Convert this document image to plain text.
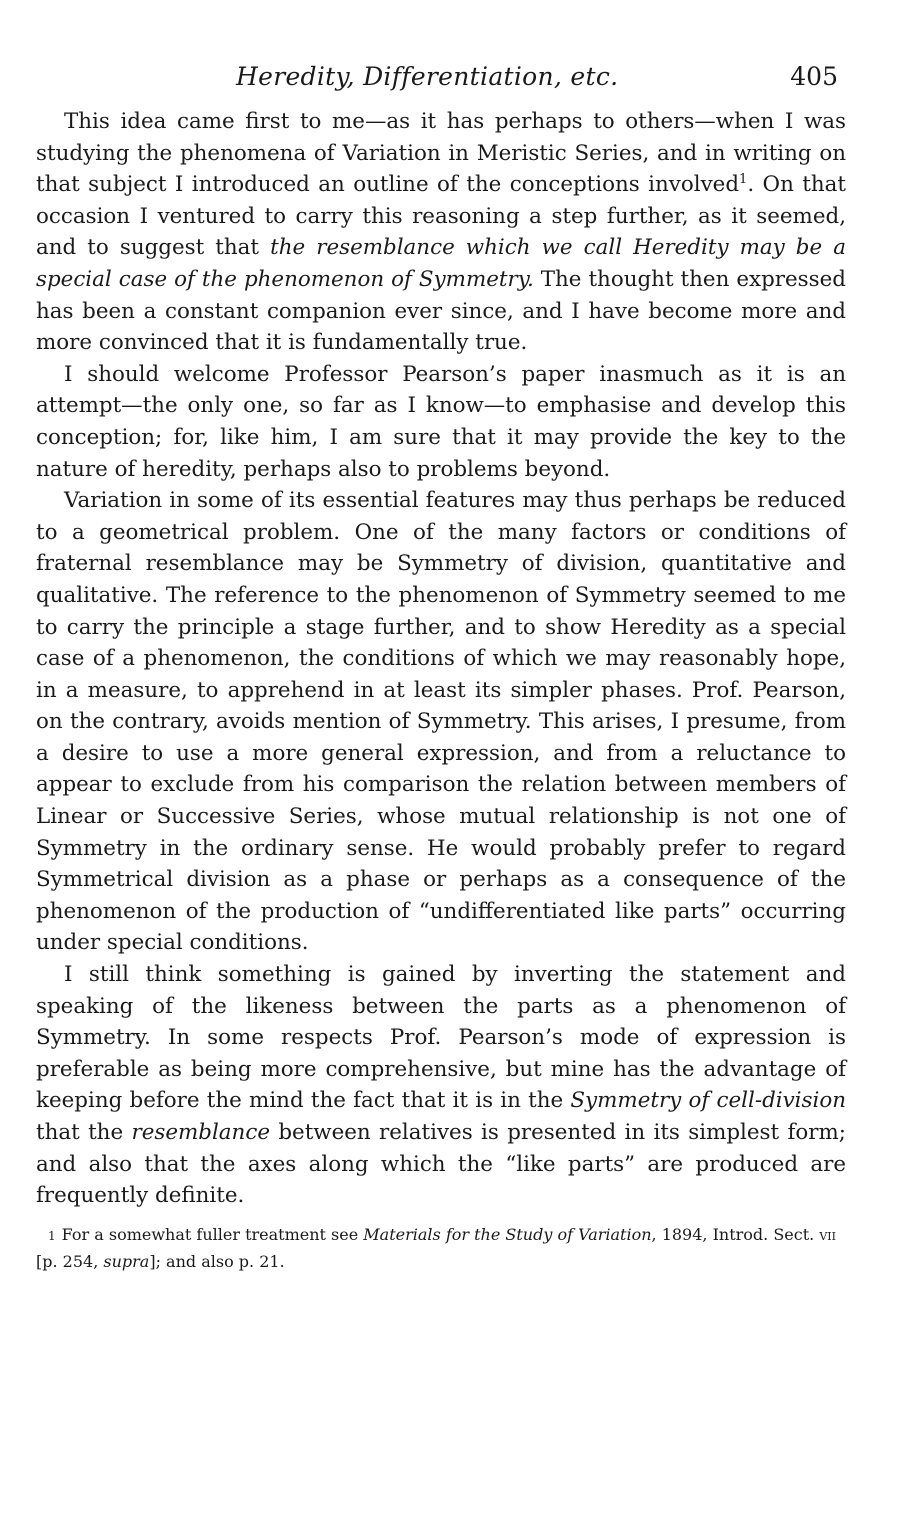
Heredity, Differentiation, etc.	405

This idea came first to me—as it has perhaps to others—when I was studying the phenomena of Variation in Meristic Series, and in writing on that subject I introduced an outline of the conceptions involved$^1$. On that occasion I ventured to carry this reasoning a step further, as it seemed, and to suggest that the resemblance which we call Heredity may be a special case of the phenomenon of Symmetry. The thought then expressed has been a constant companion ever since, and I have become more and more convinced that it is fundamentally true.

I should welcome Professor Pearson’s paper inasmuch as it is an attempt—the only one, so far as I know—to emphasise and develop this conception; for, like him, I am sure that it may provide the key to the nature of heredity, perhaps also to problems beyond.

Variation in some of its essential features may thus perhaps be reduced to a geometrical problem. One of the many factors or conditions of fraternal resemblance may be Symmetry of division, quantitative and qualitative. The reference to the phenomenon of Symmetry seemed to me to carry the principle a stage further, and to show Heredity as a special case of a phenomenon, the conditions of which we may reasonably hope, in a measure, to apprehend in at least its simpler phases. Prof. Pearson, on the contrary, avoids mention of Symmetry. This arises, I presume, from a desire to use a more general expression, and from a reluctance to appear to exclude from his comparison the relation between members of Linear or Successive Series, whose mutual relationship is not one of Symmetry in the ordinary sense. He would probably prefer to regard Symmetrical division as a phase or perhaps as a consequence of the phenomenon of the production of “undifferentiated like parts” occurring under special conditions.

I still think something is gained by inverting the statement and speaking of the likeness between the parts as a phenomenon of Symmetry. In some respects Prof. Pearson’s mode of expression is preferable as being more comprehensive, but mine has the advantage of keeping before the mind the fact that it is in the Symmetry of cell-division that the resemblance between relatives is presented in its simplest form; and also that the axes along which the “like parts” are produced are frequently definite.

1 For a somewhat fuller treatment see Materials for the Study of Variation, 1894, Introd. Sect. vii [p. 254, supra]; and also p. 21.
